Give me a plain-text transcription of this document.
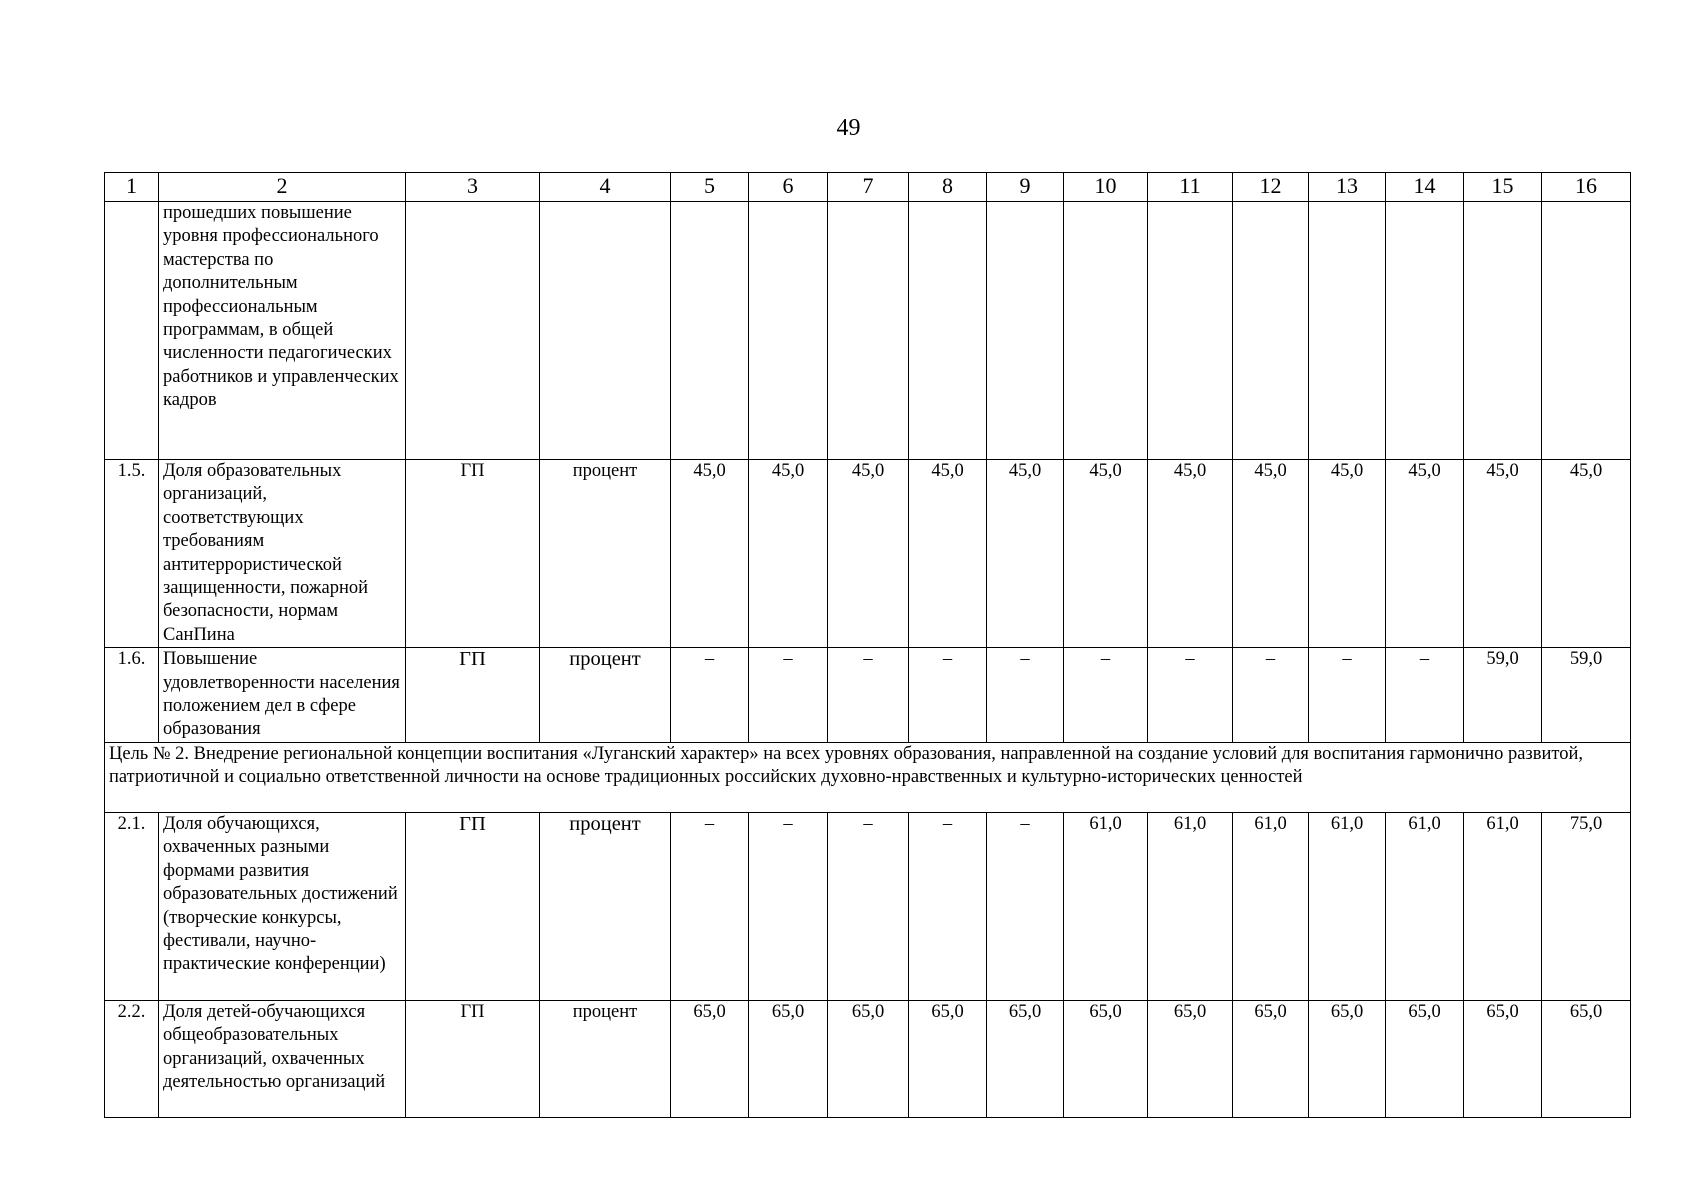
49
1	2	3	4	5	6	7	8	9	10	11	12	13	14	15	16
	прошедших повышение уровня профессионального мастерства по дополнительным профессиональным программам, в общей численности педагогических работников и управленческих кадров														
1.5.	Доля образовательных организаций, соответствующих требованиям антитеррористической защищенности, пожарной безопасности, нормам СанПина	ГП	процент	45,0	45,0	45,0	45,0	45,0	45,0	45,0	45,0	45,0	45,0	45,0	45,0
1.6.	Повышение удовлетворенности населения положением дел в сфере образования	ГП	процент	–	–	–	–	–	–	–	–	–	–	59,0	59,0
Цель № 2. Внедрение региональной концепции воспитания «Луганский характер» на всех уровнях образования, направленной на создание условий для воспитания гармонично развитой, патриотичной и социально ответственной личности на основе традиционных российских духовно-нравственных и культурно-исторических ценностей															
2.1.	Доля обучающихся, охваченных разными формами развития образовательных достижений (творческие конкурсы, фестивали, научно-практические конференции)	ГП	процент	–	–	–	–	–	61,0	61,0	61,0	61,0	61,0	61,0	75,0
2.2.	Доля детей-обучающихся общеобразовательных организаций, охваченных деятельностью организаций	ГП	процент	65,0	65,0	65,0	65,0	65,0	65,0	65,0	65,0	65,0	65,0	65,0	65,0
